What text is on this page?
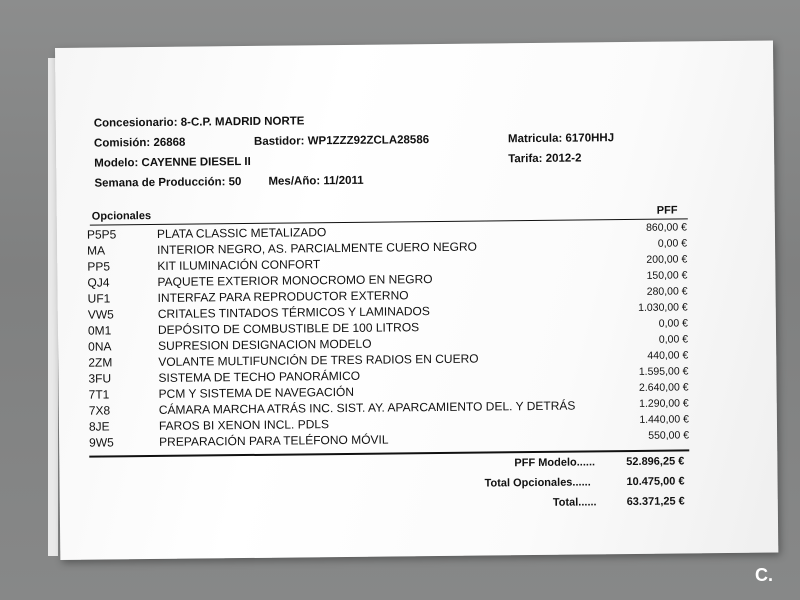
Concesionario: 8-C.P. MADRID NORTE
Comisión: 26868	Bastidor: WP1ZZZ92ZCLA28586	Matricula: 6170HHJ
Modelo: CAYENNE DIESEL II	Tarifa: 2012-2
Semana de Producción: 50 Mes/Año: 11/2011
Opcionales	PFF
P5P5	PLATA CLASSIC METALIZADO	860,00 €
MA	INTERIOR NEGRO, AS. PARCIALMENTE CUERO NEGRO	0,00 €
PP5	KIT ILUMINACIÓN CONFORT	200,00 €
QJ4	PAQUETE EXTERIOR MONOCROMO EN NEGRO	150,00 €
UF1	INTERFAZ PARA REPRODUCTOR EXTERNO	280,00 €
VW5	CRITALES TINTADOS TÉRMICOS Y LAMINADOS	1.030,00 €
0M1	DEPÓSITO DE COMBUSTIBLE DE 100 LITROS	0,00 €
0NA	SUPRESION DESIGNACION MODELO	0,00 €
2ZM	VOLANTE MULTIFUNCIÓN DE TRES RADIOS EN CUERO	440,00 €
3FU	SISTEMA DE TECHO PANORÁMICO	1.595,00 €
7T1	PCM Y SISTEMA DE NAVEGACIÓN	2.640,00 €
7X8	CÁMARA MARCHA ATRÁS INC. SIST. AY. APARCAMIENTO DEL. Y DETRÁS	1.290,00 €
8JE	FAROS BI XENON INCL. PDLS	1.440,00 €
9W5	PREPARACIÓN PARA TELÉFONO MÓVIL	550,00 €
PFF Modelo......	52.896,25 €
Total Opcionales......	10.475,00 €
Total......	63.371,25 €
C.
